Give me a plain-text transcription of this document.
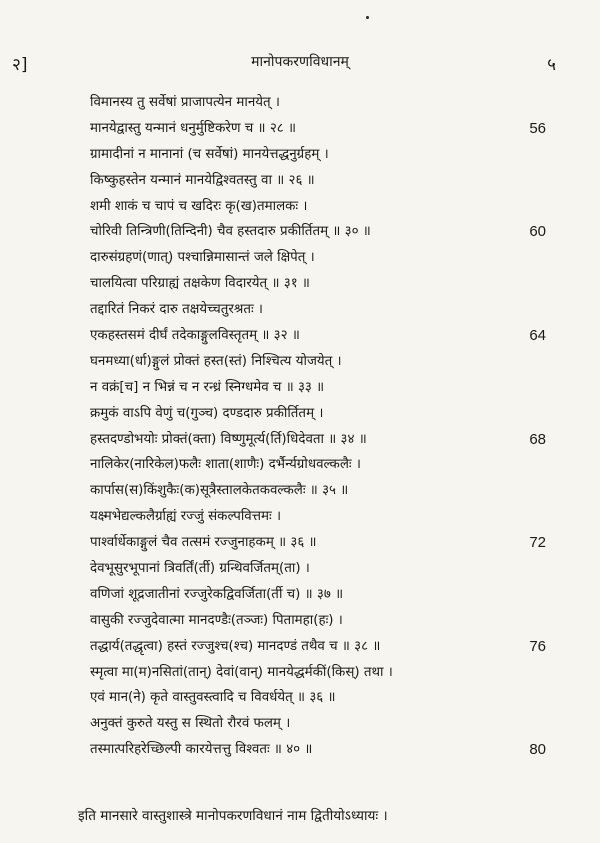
२]	मानोपकरणविधानम्	५
विमानस्य तु सर्वेषां प्राजापत्येन मानयेत् ।
मानयेद्वास्तु यन्मानं धनुर्मुष्टिकरेण च ॥ २८ ॥	56
ग्रामादीनां न मानानां (च सर्वेषां) मानयेत्तद्धनुर्ग्रहम् ।
किष्कुहस्तेन यन्मानं मानयेद्विश्वतस्तु वा ॥ २६ ॥
शमी शाकं च चापं च खदिरः कृ(ख)तमालकः ।
चोरिवी तिन्त्रिणी(तिन्दिनी) चैव हस्तदारु प्रकीर्तितम् ॥ ३० ॥	60
दारुसंग्रहणं(णात्) पश्चान्निमासान्तं जले क्षिपेत् ।
चालयित्वा परिग्राह्यं तक्षकेण विदारयेत् ॥ ३१ ॥
तद्दारितं निकरं दारु तक्षयेच्चतुरश्रतः ।
एकहस्तसमं दीर्घं तदेकाङ्गुलविस्तृतम् ॥ ३२ ॥	64
घनमध्या(र्धा)ङ्गुलं प्रोक्तं हस्त(स्तं) निश्चित्य योजयेत् ।
न वक्रं[च] न भिन्नं च न रन्ध्रं स्निग्धमेव च ॥ ३३ ॥
क्रमुकं वाऽपि वेणुं च(गुञ्च) दण्डदारु प्रकीर्तितम् ।
हस्तदण्डोभयोः प्रोक्तं(क्ता) विष्णुमूर्त्य(र्ति)धिदेवता ॥ ३४ ॥	68
नालिकेर(नारिकेल)फलैः शाता(शाणैः) दर्भैर्न्यग्रोधवल्कलैः ।
कार्पास(स)किंशुकैः(क)सूत्रैस्तालकेतकवल्कलैः ॥ ३५ ॥
यक्ष्मभेद्यल्कलैर्ग्राह्यं रज्जुं संकल्पवित्तमः ।
पार्श्वार्धेकाङ्गुलं चैव तत्समं रज्जुनाहकम् ॥ ३६ ॥	72
देवभूसुरभूपानां त्रिवर्तिं(र्ती) ग्रन्थिवर्जितम्(ता) ।
वणिजां शूद्रजातीनां रज्जुरेकद्विवर्जिता(र्ती च) ॥ ३७ ॥
वासुकी रज्जुदेवात्मा मानदण्डैः(तञ्जः) पितामहा(हः) ।
तद्धार्य(तद्धृत्वा) हस्तं रज्जुश्च(श्च) मानदण्डं तथैव च ॥ ३८ ॥	76
स्मृत्वा मा(म)नसितां(तान्) देवां(वान्) मानयेद्धर्मकीं(किस्) तथा ।
एवं मान(ने) कृते वास्तुवस्त्वादि च विवर्धयेत् ॥ ३६ ॥
अनुक्तं कुरुते यस्तु स स्थितो रौरवं फलम् ।
तस्मात्परिहरेच्छिल्पी कारयेत्तत्तु विश्वतः ॥ ४० ॥	80
इति मानसारे वास्तुशास्त्रे मानोपकरणविधानं नाम द्वितीयोऽध्यायः ।
